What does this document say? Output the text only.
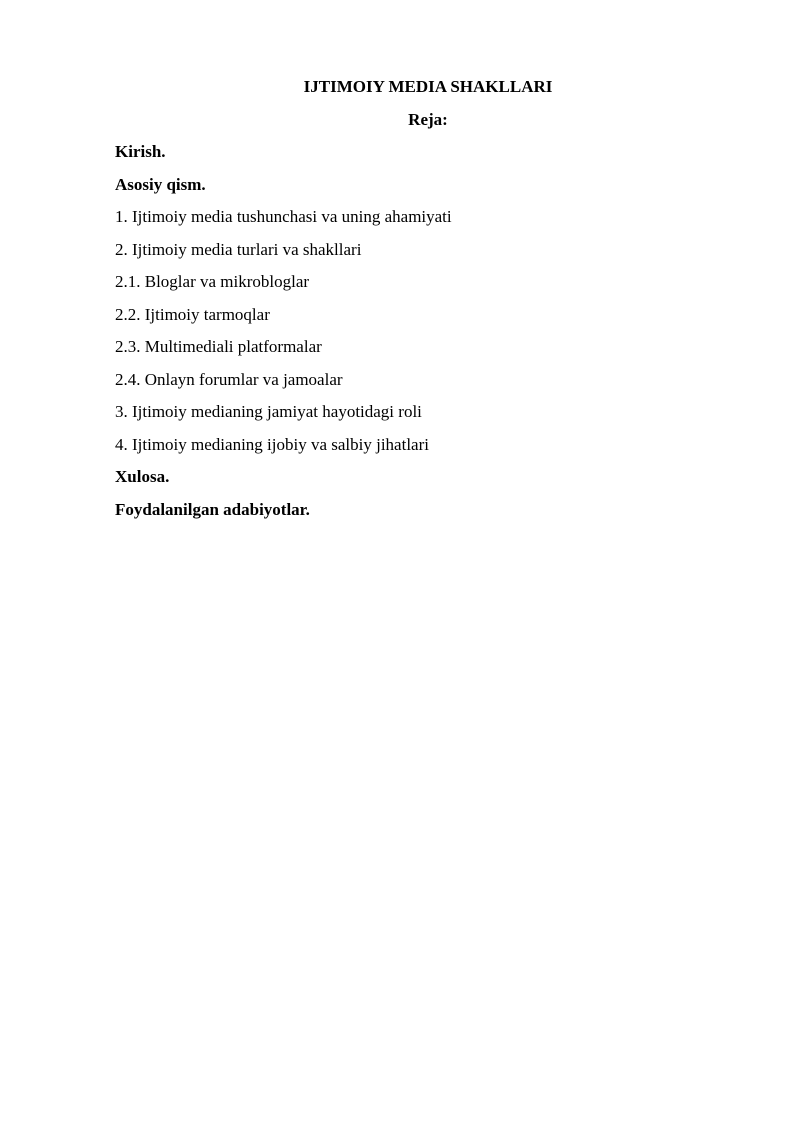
IJTIMOIY MEDIA SHAKLLARI
Reja:
Kirish.
Asosiy qism.
1. Ijtimoiy media tushunchasi va uning ahamiyati
2. Ijtimoiy media turlari va shakllari
2.1. Bloglar va mikrobloglar
2.2. Ijtimoiy tarmoqlar
2.3. Multimediali platformalar
2.4. Onlayn forumlar va jamoalar
3. Ijtimoiy medianing jamiyat hayotidagi roli
4. Ijtimoiy medianing ijobiy va salbiy jihatlari
Xulosa.
Foydalanilgan adabiyotlar.
